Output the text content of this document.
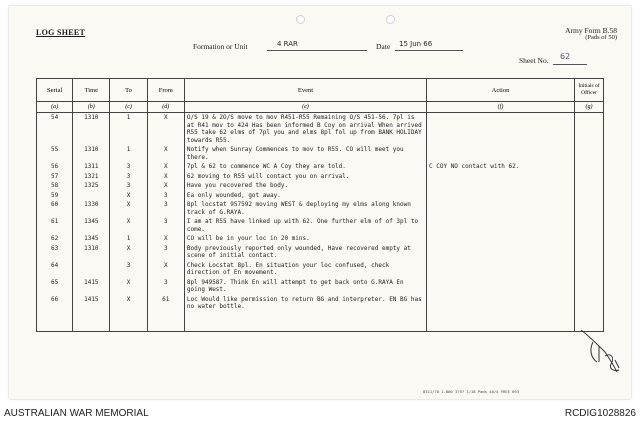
LOG SHEET	Army Form B.58
(Pads of 50)
Formation or Unit	4 RAR	Date 15 Jun 66
Sheet No. 62
Serial	Time	To	From	Event	Action	Initials of Officer
(a)	(b)	(c)	(d)	(e)	(f)	(g)
54	1310	1	X	O/S 19 & 2O/S move to mov R451-R55 Remaining O/S 451-56. 7pl is at R41 mov to 424 Has been informed B Coy on arrival When arrived R55 take 62 elms of 7pl you and elms 8pl fol up from BANK HOLIDAY towards R55.		
55	1310	1	X	Notify when Sunray Commences to mov to R55. CO will meet you there.		
56	1311	3	X	7pl & 62 to commence WC A Coy they are told.	C COY NO contact with 62.	
57	1321	3	X	62 moving to R55 will contact you on arrival.		
58	1325	3	X	Have you recovered the body.		
59		X	3	Ea only wounded, got away.		
60	1330	X	3	8pl locstat 957592 moving WEST & deploying my elms along known track of G.RAYA.		
61	1345	X	3	I am at R55 have linked up with 62. One further elm of of 3pl to come.		
62	1345	1	X	CO will be in your loc in 20 mins.		
63	1310	X	3	Body previously reported only wounded, Have recovered empty at scene of initial contact.		
64		3	X	Check Locstat 8pl. En situation your loc confused, check direction of En movement.		
65	1415	X	3	8pl 949587. Think En will attempt to get back onto G.RAYA En going West.		
66	1415	X	61	Loc Would like permission to return BG and interpreter. EN BG has no water bottle.		
8311/70 1.000 3?97 1/18 Pads 40/4 FREE 693
AUSTRALIAN WAR MEMORIAL	RCDIG1028826
